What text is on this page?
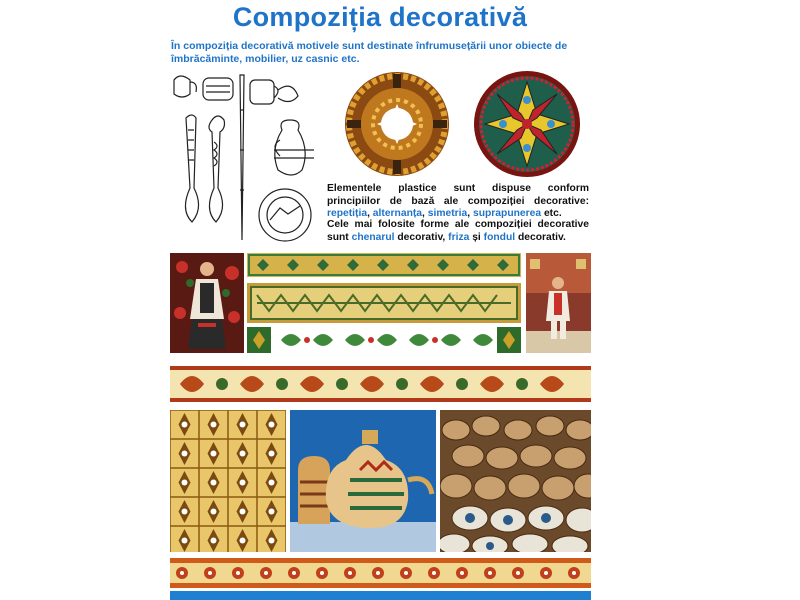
Compoziția decorativă
În compoziția decorativă motivele sunt destinate înfrumusețării unor obiecte de îmbrăcăminte, mobilier, uz casnic etc.
Elementele plastice sunt dispuse conform principiilor de bază ale compoziției decorative: repetiția, alternanța, simetria, suprapunerea etc.
Cele mai folosite forme ale compoziției decorative sunt chenarul decorativ, friza și fondul decorativ.
